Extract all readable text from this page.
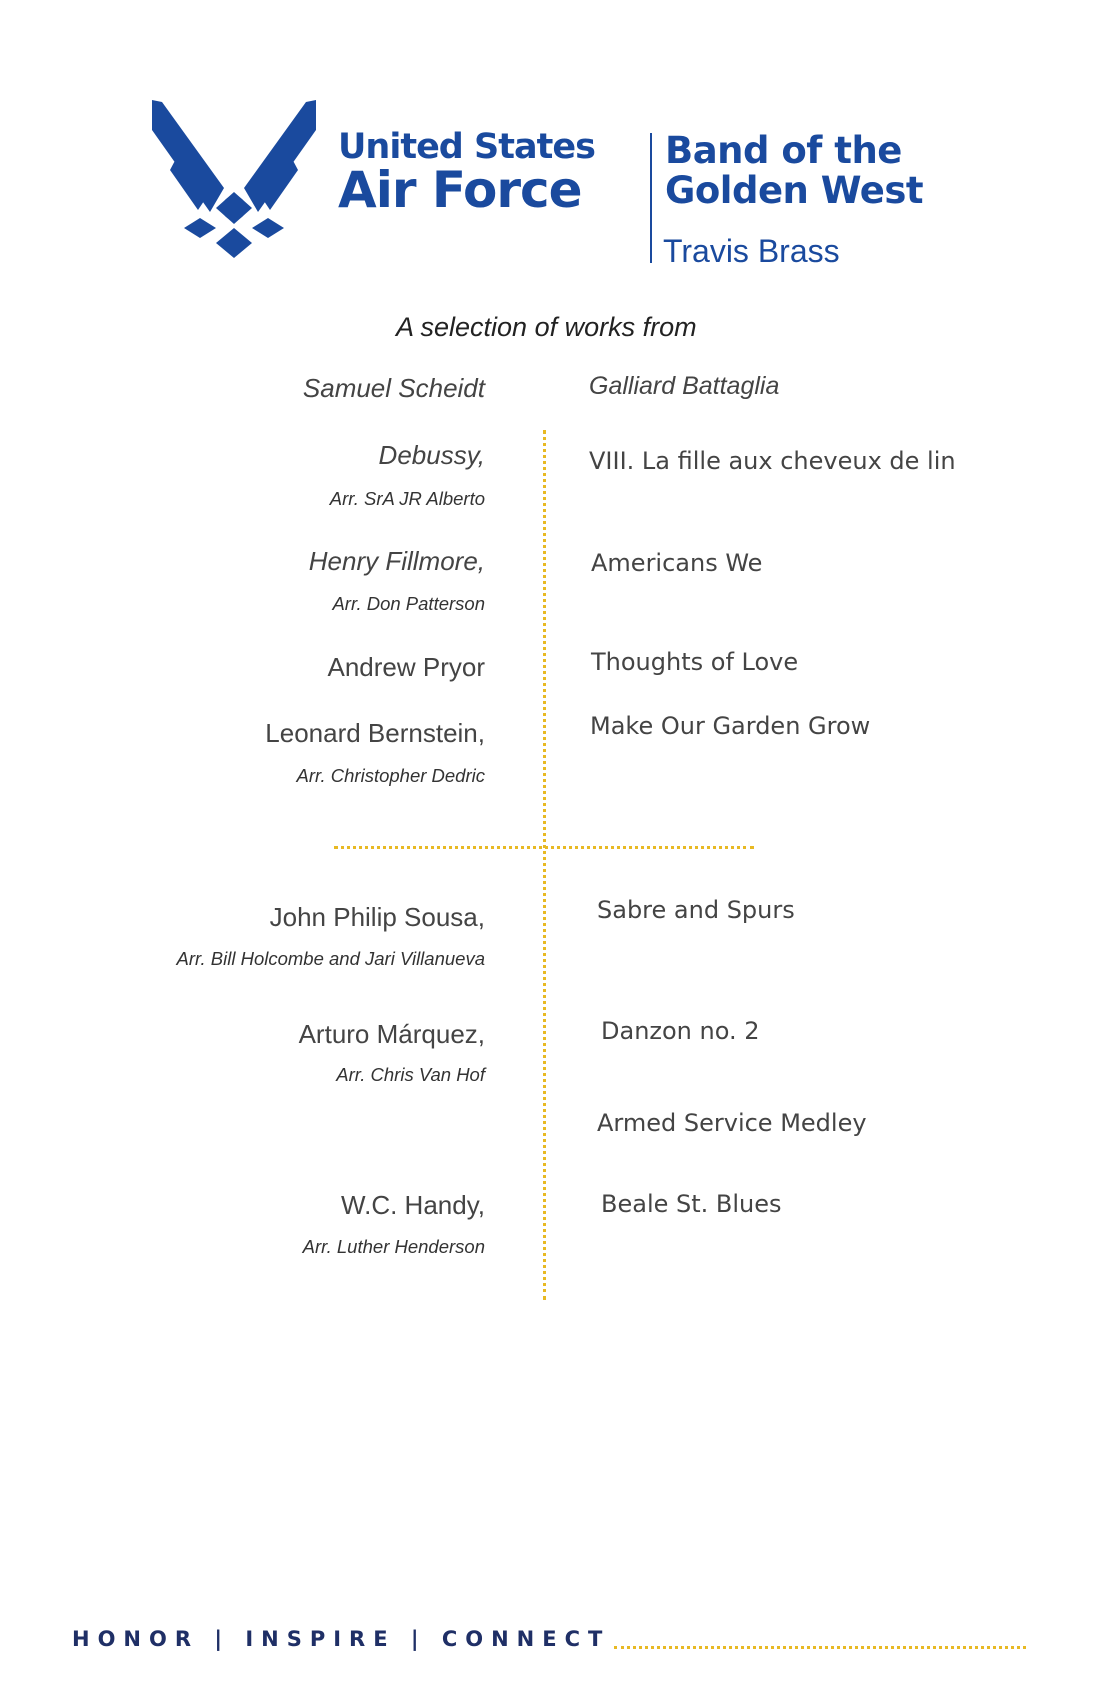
United States
Air Force
Band of the
Golden West
Travis Brass
A selection of works from
Samuel Scheidt	Galliard Battaglia
Debussy,
Arr. SrA JR Alberto
VIII. La fille aux cheveux de lin
Henry Fillmore,
Arr. Don Patterson
Americans We
Andrew Pryor	Thoughts of Love
Leonard Bernstein,
Arr. Christopher Dedric
Make Our Garden Grow
John Philip Sousa,
Arr. Bill Holcombe and Jari Villanueva
Sabre and Spurs
Arturo Márquez,
Arr. Chris Van Hof
Danzon no. 2
Armed Service Medley
W.C. Handy,
Arr. Luther Henderson
Beale St. Blues
HONOR | INSPIRE | CONNECT
